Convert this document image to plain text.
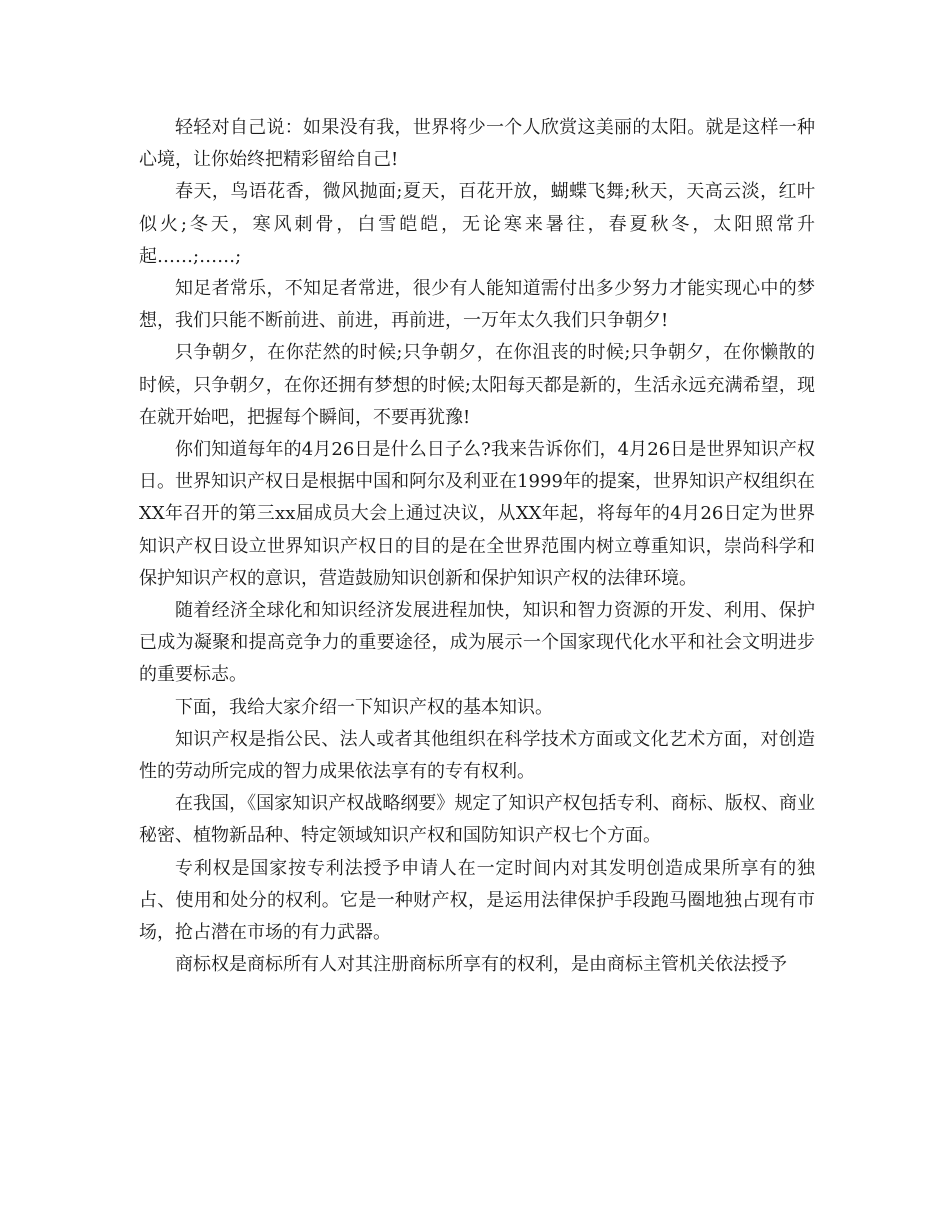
轻轻对自己说：如果没有我，世界将少一个人欣赏这美丽的太阳。就是这样一种心境，让你始终把精彩留给自己!

春天，鸟语花香，微风抛面;夏天，百花开放，蝴蝶飞舞;秋天，天高云淡，红叶似火;冬天，寒风刺骨，白雪皑皑，无论寒来暑往，春夏秋冬，太阳照常升起……;……;

知足者常乐，不知足者常进，很少有人能知道需付出多少努力才能实现心中的梦想，我们只能不断前进、前进，再前进，一万年太久我们只争朝夕!

只争朝夕，在你茫然的时候;只争朝夕，在你沮丧的时候;只争朝夕，在你懒散的时候，只争朝夕，在你还拥有梦想的时候;太阳每天都是新的，生活永远充满希望，现在就开始吧，把握每个瞬间，不要再犹豫!

你们知道每年的4月26日是什么日子么?我来告诉你们，4月26日是世界知识产权日。世界知识产权日是根据中国和阿尔及利亚在1999年的提案，世界知识产权组织在XX年召开的第三xx届成员大会上通过决议，从XX年起，将每年的4月26日定为世界知识产权日设立世界知识产权日的目的是在全世界范围内树立尊重知识，崇尚科学和保护知识产权的意识，营造鼓励知识创新和保护知识产权的法律环境。

随着经济全球化和知识经济发展进程加快，知识和智力资源的开发、利用、保护已成为凝聚和提高竞争力的重要途径，成为展示一个国家现代化水平和社会文明进步的重要标志。

下面，我给大家介绍一下知识产权的基本知识。

知识产权是指公民、法人或者其他组织在科学技术方面或文化艺术方面，对创造性的劳动所完成的智力成果依法享有的专有权利。

在我国，《国家知识产权战略纲要》规定了知识产权包括专利、商标、版权、商业秘密、植物新品种、特定领域知识产权和国防知识产权七个方面。

专利权是国家按专利法授予申请人在一定时间内对其发明创造成果所享有的独占、使用和处分的权利。它是一种财产权，是运用法律保护手段跑马圈地独占现有市场，抢占潜在市场的有力武器。

商标权是商标所有人对其注册商标所享有的权利，是由商标主管机关依法授予
